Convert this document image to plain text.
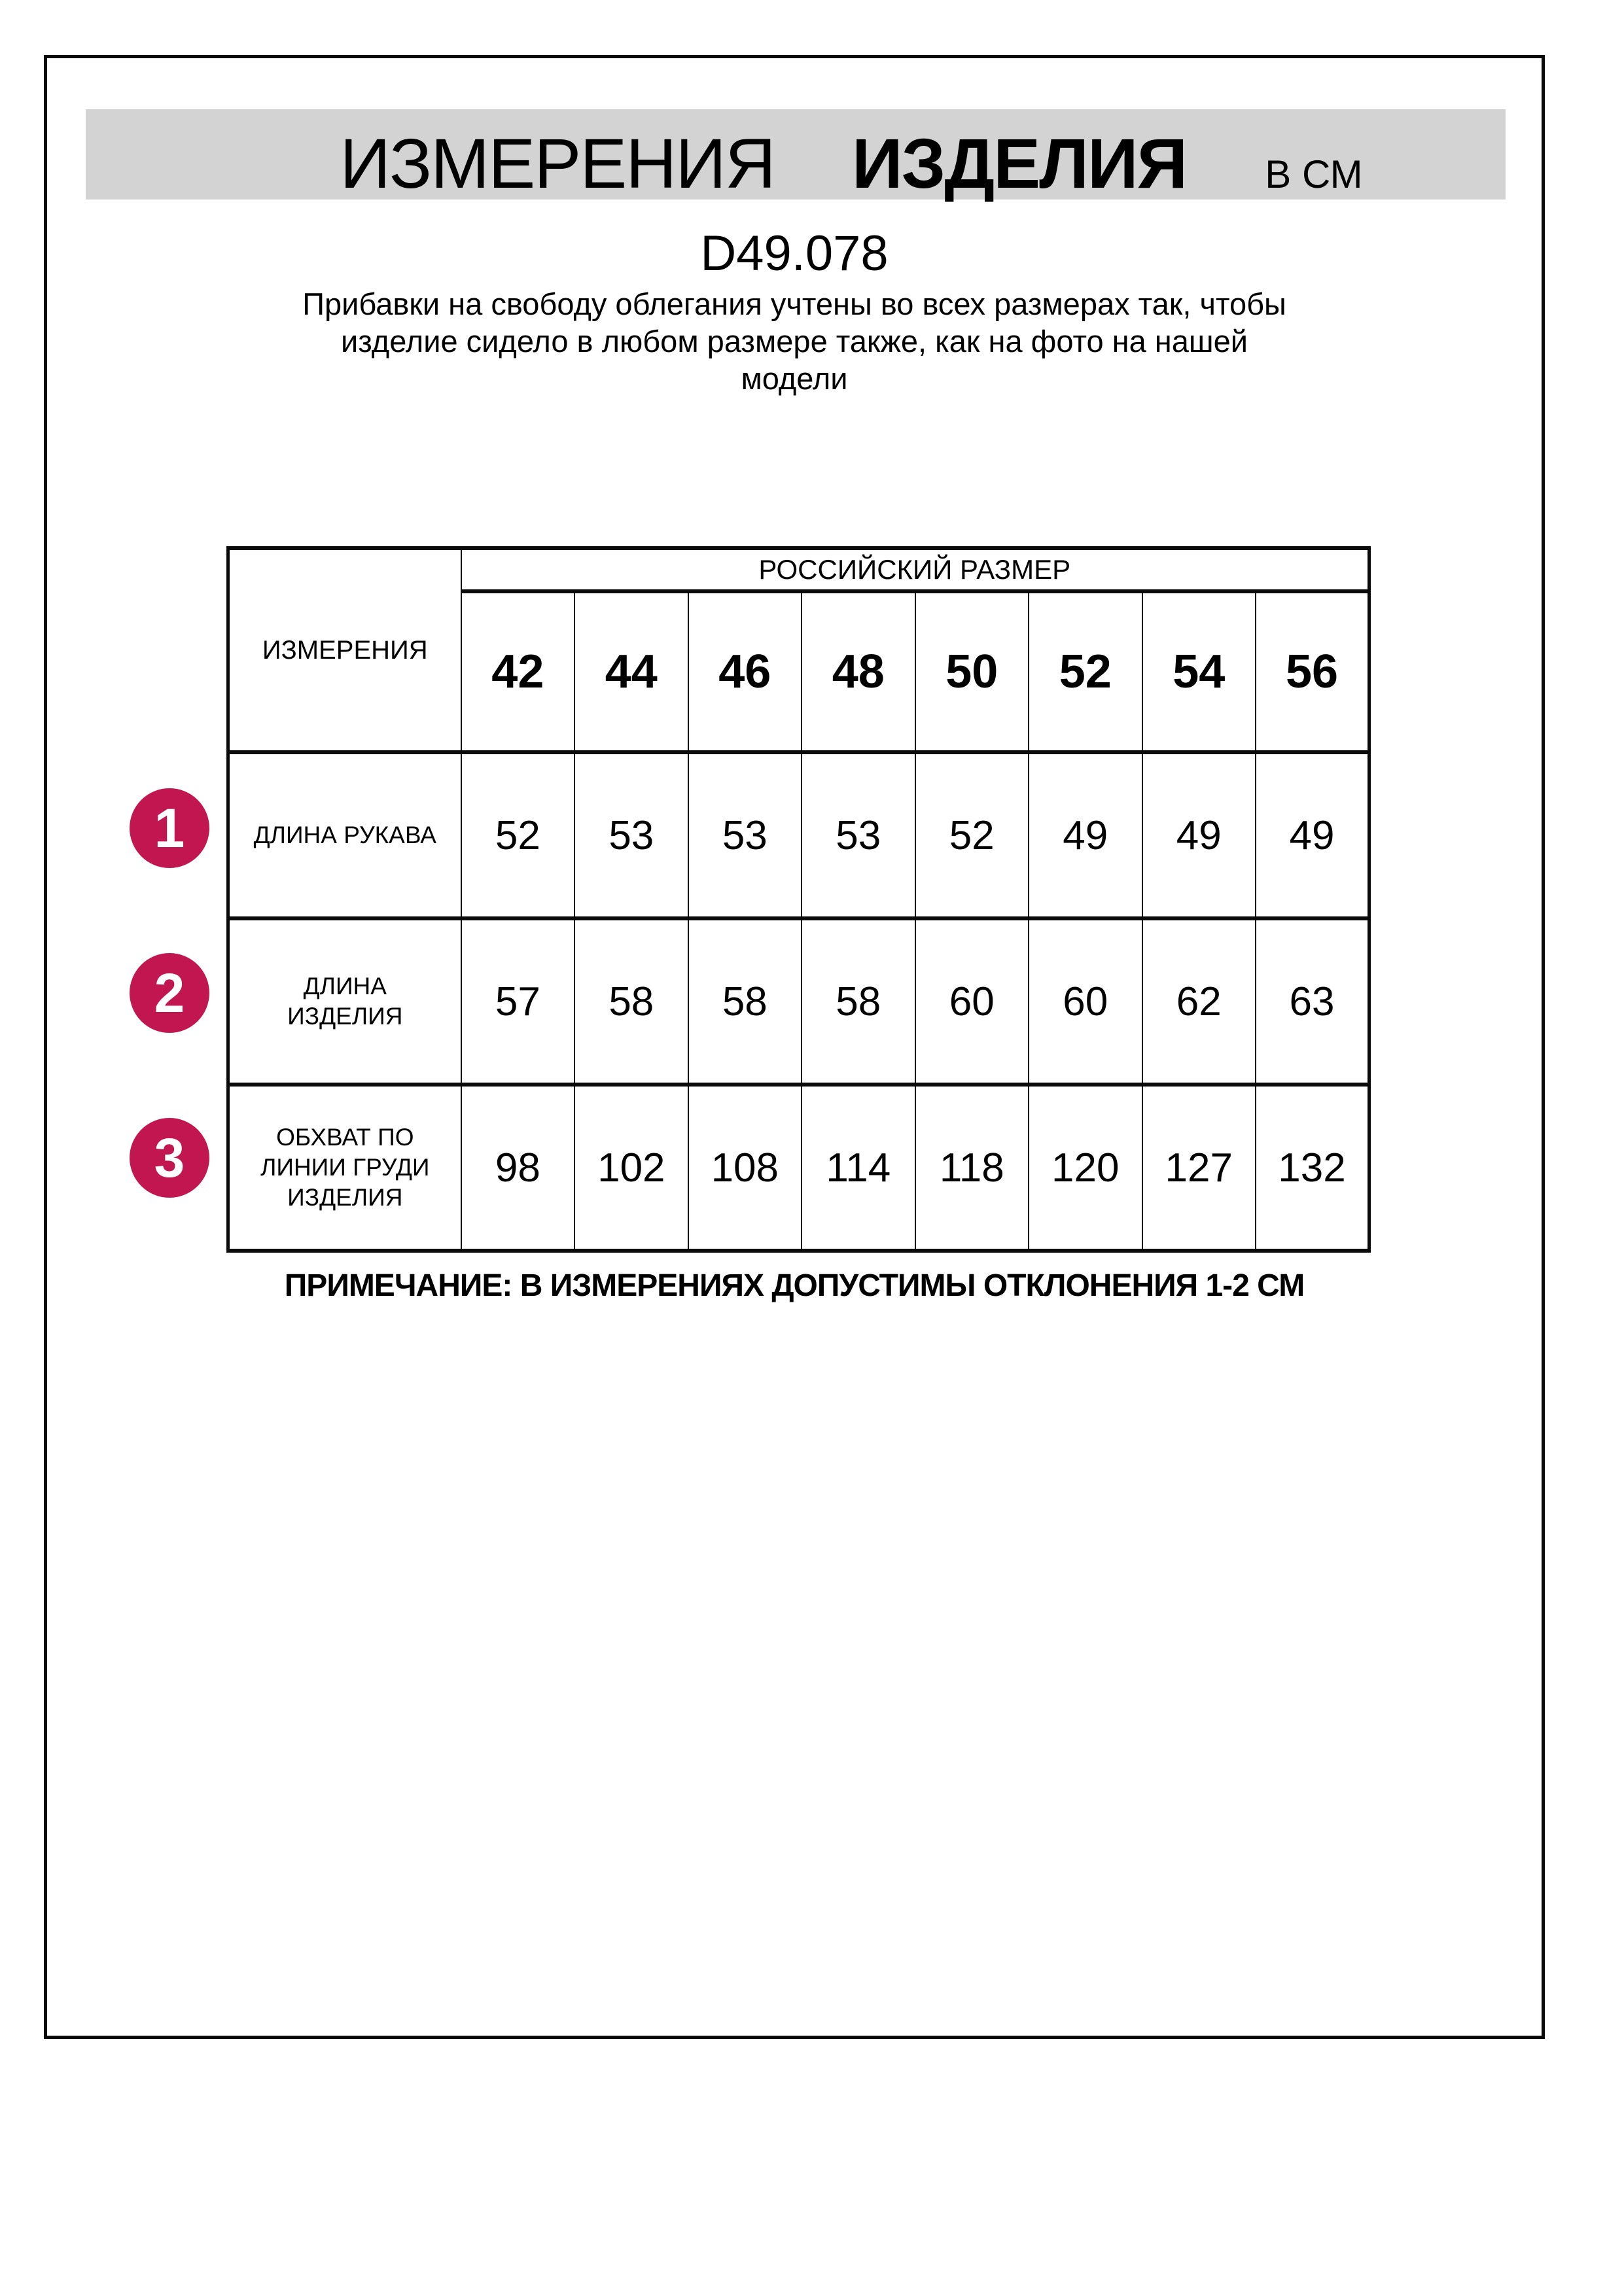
ИЗМЕРЕНИЯ ИЗДЕЛИЯ В СМ
D49.078
Прибавки на свободу облегания учтены во всех размерах так, чтобы
изделие сидело в любом размере также, как на фото на нашей
модели
ИЗМЕРЕНИЯ	РОССИЙСКИЙ РАЗМЕР							
	42	44	46	48	50	52	54	56

ДЛИНА РУКАВА	52	53	53	53	52	49	49	49

ДЛИНА
ИЗДЕЛИЯ	57	58	58	58	60	60	62	63

ОБХВАТ ПО
ЛИНИИ ГРУДИ
ИЗДЕЛИЯ	98	102	108	114	118	120	127	132
1
2
3
ПРИМЕЧАНИЕ: В ИЗМЕРЕНИЯХ ДОПУСТИМЫ ОТКЛОНЕНИЯ 1-2 СМ
